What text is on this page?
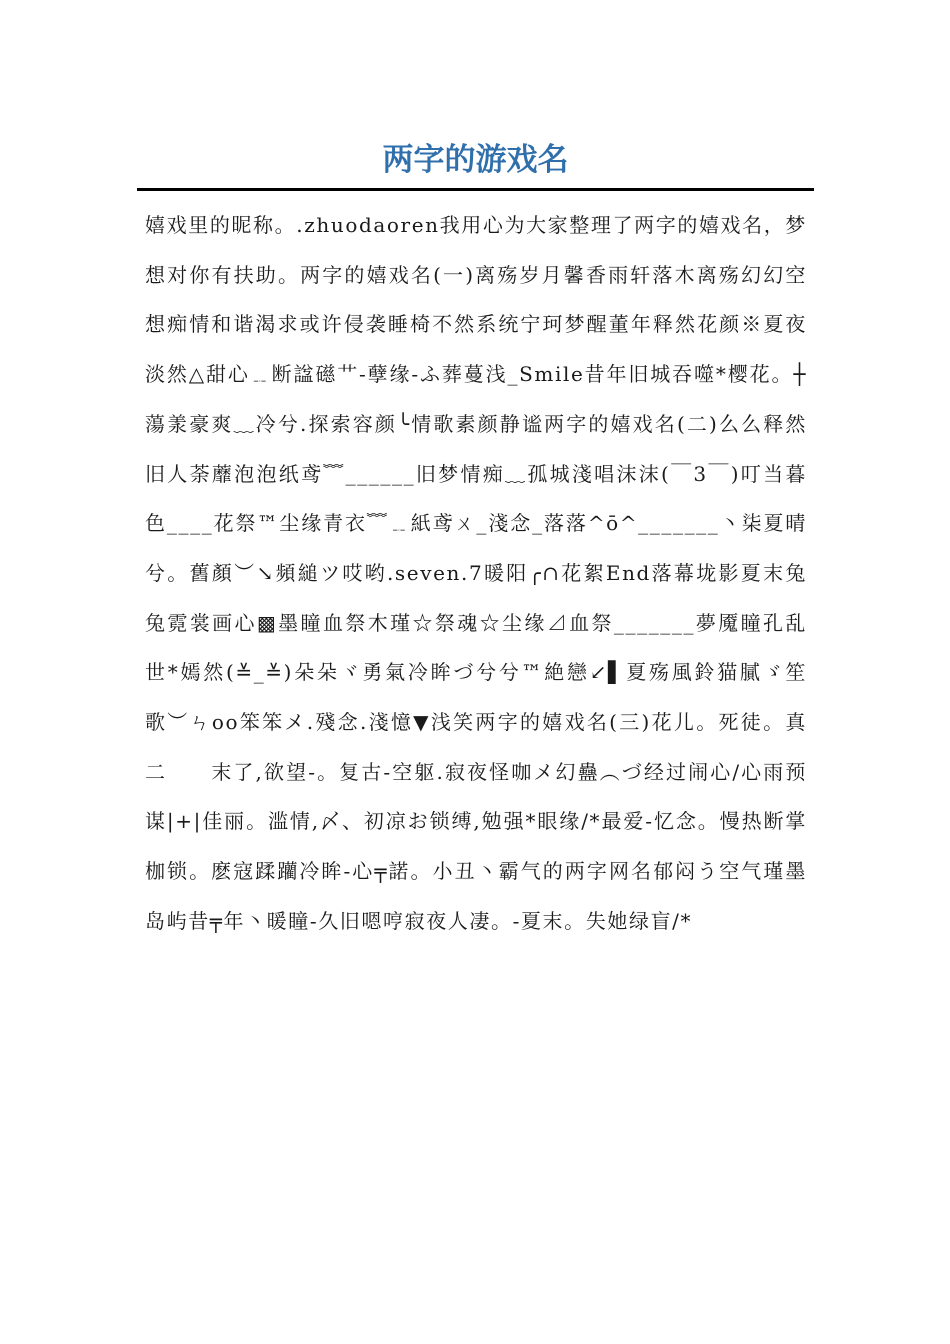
两字的游戏名

嬉戏里的昵称。.zhuodaoren我用心为大家整理了两字的嬉戏名，梦想对你有扶助。两字的嬉戏名(一)离殇岁月馨香雨轩落木离殇幻幻空想痴情和谐渴求或许侵袭睡椅不然系统宁珂梦醒董年释然花颜※夏夜淡然△甜心﹎断諡礠艹-孽缘-ふ葬蔓浅_Smile昔年旧城吞噬*樱花。┼蕩羕豪爽﹏冷兮.探索容颜╰情歌素颜静谧两字的嬉戏名(二)么么释然旧人荼蘼泡泡纸鸢﹌______旧梦情痴﹏孤城淺唱沫沫(￣3￣)叮当暮色____花祭™尘缘青衣﹌﹎紙鸢ㄨ_淺念_落落^ō^_______丶柒夏晴兮。舊顏︶↘頻縋ツ哎哟.seven.7暖阳╭∩花絮End落幕垅影夏末兔兔霓裳画心▩墨瞳血祭木瑾☆祭魂☆尘缘⊿血祭_______夢魇瞳孔乱世*嫣然(≚_≚)朵朵ヾ勇氣冷眸づ兮兮™絶戀↙▌夏殇風鈴猫膩ゞ笙歌︶ㄣoo笨笨メ.殘念.淺憶▼浅笑两字的嬉戏名(三)花儿。死徒。真二　　末了,欲望-。复古-空躯.寂夜怪咖メ幻蠱︵づ经过闹心/心雨预谋|+|佳丽。滥情,〆、初凉お锁缚,勉强*眼缘/*最爱-忆念。慢热断掌枷锁。麽寇蹂躪冷眸-心╤諾。小丑丶霸气的两字网名郁闷う空气瑾墨岛屿昔╤年丶暖瞳-久旧嗯哼寂夜人凄。-夏末。失她绿盲/*
